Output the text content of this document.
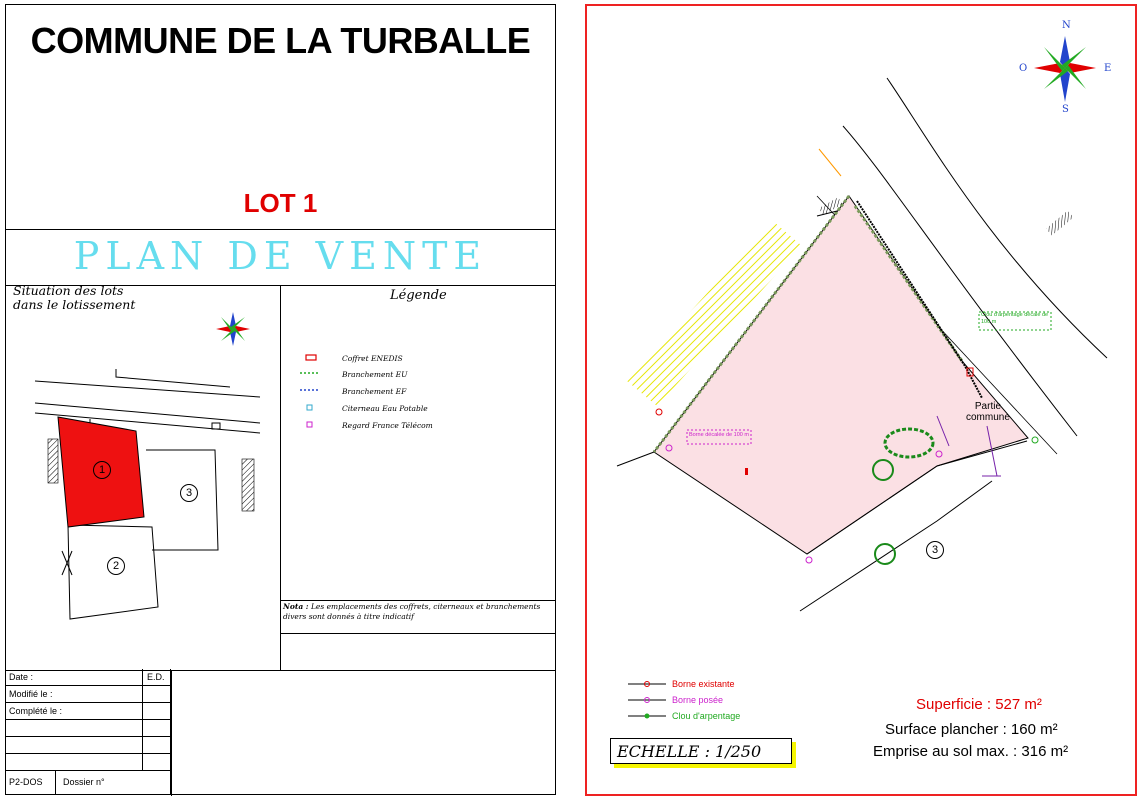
COMMUNE DE LA TURBALLE
LOT 1
PLAN DE VENTE
Situation des lots
dans le lotissement
1
2
3
Légende
Coffret ENEDIS
Branchement EU
Branchement EF
Citerneau Eau Potable
Regard France Télécom
Nota : Les emplacements des coffrets, citerneaux et branchements divers sont donnés à titre indicatif
Date :	E.D.
Modifié le :
Complété le :
P2-DOS Dossier n°
Partie
commune
3
Clou d'arpentage décalé de 100 m
Borne décalée de 100 m
N
S
E
O
Borne existante
Borne posée
Clou d'arpentage
ECHELLE : 1/250
Superficie : 527 m²
Surface plancher : 160 m²
Emprise au sol max. : 316 m²
